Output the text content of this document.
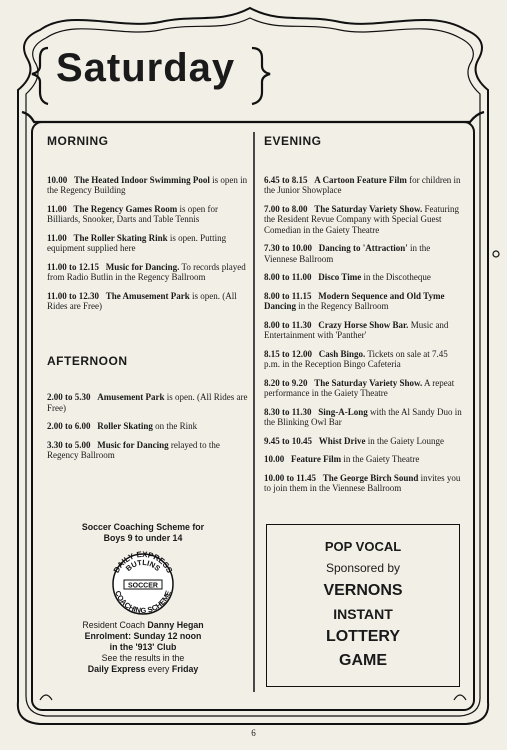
Saturday
MORNING

10.00 The Heated Indoor Swimming Pool is open in the Regency Building

11.00 The Regency Games Room is open for Billiards, Snooker, Darts and Table Tennis

11.00 The Roller Skating Rink is open. Putting equipment supplied here

11.00 to 12.15 Music for Dancing. To records played from Radio Butlin in the Regency Ballroom

11.00 to 12.30 The Amusement Park is open. (All Rides are Free)

AFTERNOON

2.00 to 5.30 Amusement Park is open. (All Rides are Free)

2.00 to 6.00 Roller Skating on the Rink

3.30 to 5.00 Music for Dancing relayed to the Regency Ballroom

EVENING

6.45 to 8.15 A Cartoon Feature Film for children in the Junior Showplace

7.00 to 8.00 The Saturday Variety Show. Featuring the Resident Revue Company with Special Guest Comedian in the Gaiety Theatre

7.30 to 10.00 Dancing to 'Attraction' in the Viennese Ballroom

8.00 to 11.00 Disco Time in the Discotheque

8.00 to 11.15 Modern Sequence and Old Tyme Dancing in the Regency Ballroom

8.00 to 11.30 Crazy Horse Show Bar. Music and Entertainment with 'Panther'

8.15 to 12.00 Cash Bingo. Tickets on sale at 7.45 p.m. in the Reception Bingo Cafeteria

8.20 to 9.20 The Saturday Variety Show. A repeat performance in the Gaiety Theatre

8.30 to 11.30 Sing-A-Long with the Al Sandy Duo in the Blinking Owl Bar

9.45 to 10.45 Whist Drive in the Gaiety Lounge

10.00 Feature Film in the Gaiety Theatre

10.00 to 11.45 The George Birch Sound invites you to join them in the Viennese Ballroom

Soccer Coaching Scheme for

Boys 9 to under 14

DAILY EXPRESS
BUTLINS
SOCCER
COACHING SCHEME

Resident Coach Danny Hegan

Enrolment: Sunday 12 noon

in the '913' Club

See the results in the

Daily Express every Friday

POP VOCAL

Sponsored by

VERNONS

INSTANT

LOTTERY

GAME

6
